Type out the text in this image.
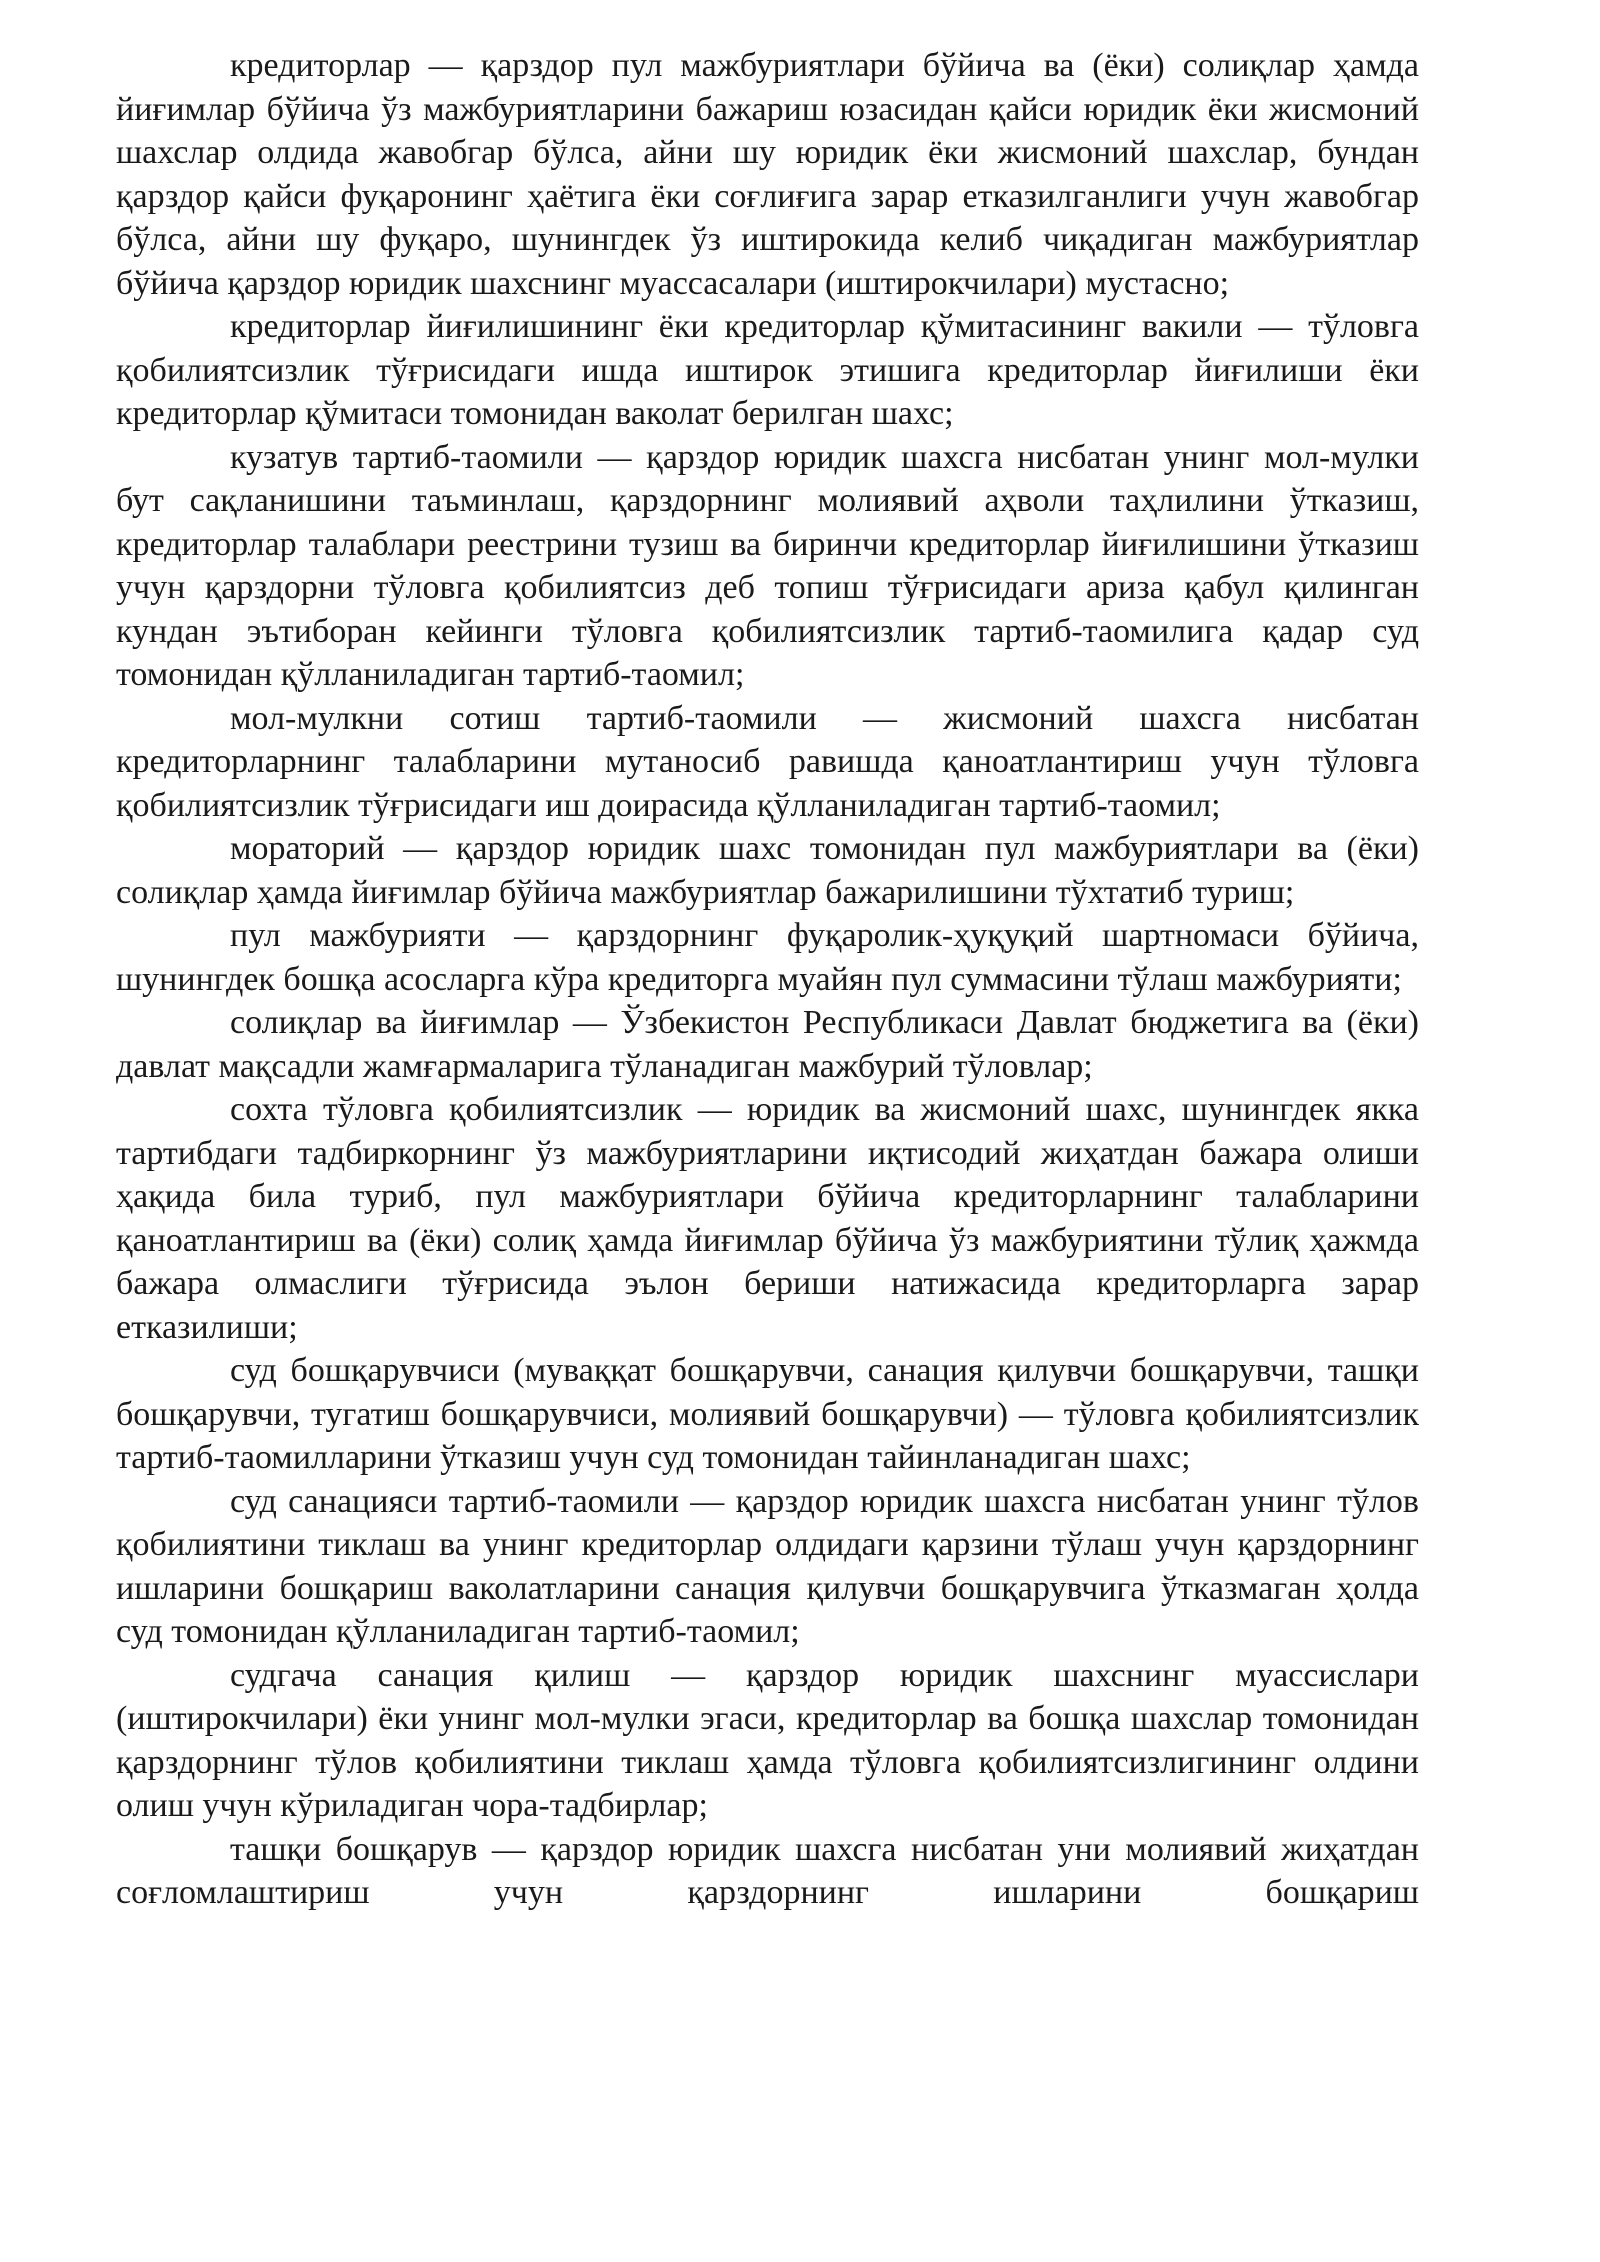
кредиторлар — қарздор пул мажбуриятлари бўйича ва (ёки) солиқлар ҳамда йиғимлар бўйича ўз мажбуриятларини бажариш юзасидан қайси юридик ёки жисмоний шахслар олдида жавобгар бўлса, айни шу юридик ёки жисмоний шахслар, бундан қарздор қайси фуқаронинг ҳаётига ёки соғлиғига зарар етказилганлиги учун жавобгар бўлса, айни шу фуқаро, шунингдек ўз иштирокида келиб чиқадиган мажбуриятлар бўйича қарздор юридик шахснинг муассасалари (иштирокчилари) мустасно;

кредиторлар йиғилишининг ёки кредиторлар қўмитасининг вакили — тўловга қобилиятсизлик тўғрисидаги ишда иштирок этишига кредиторлар йиғилиши ёки кредиторлар қўмитаси томонидан ваколат берилган шахс;

кузатув тартиб-таомили — қарздор юридик шахсга нисбатан унинг мол-мулки бут сақланишини таъминлаш, қарздорнинг молиявий аҳволи таҳлилини ўтказиш, кредиторлар талаблари реестрини тузиш ва биринчи кредиторлар йиғилишини ўтказиш учун қарздорни тўловга қобилиятсиз деб топиш тўғрисидаги ариза қабул қилинган кундан эътиборан кейинги тўловга қобилиятсизлик тартиб-таомилига қадар суд томонидан қўлланиладиган тартиб-таомил;

мол-мулкни сотиш тартиб-таомили — жисмоний шахсга нисбатан кредиторларнинг талабларини мутаносиб равишда қаноатлантириш учун тўловга қобилиятсизлик тўғрисидаги иш доирасида қўлланиладиган тартиб-таомил;

мораторий — қарздор юридик шахс томонидан пул мажбуриятлари ва (ёки) солиқлар ҳамда йиғимлар бўйича мажбуриятлар бажарилишини тўхтатиб туриш;

пул мажбурияти — қарздорнинг фуқаролик-ҳуқуқий шартномаси бўйича, шунингдек бошқа асосларга кўра кредиторга муайян пул суммасини тўлаш мажбурияти;

солиқлар ва йиғимлар — Ўзбекистон Республикаси Давлат бюджетига ва (ёки) давлат мақсадли жамғармаларига тўланадиган мажбурий тўловлар;

сохта тўловга қобилиятсизлик — юридик ва жисмоний шахс, шунингдек якка тартибдаги тадбиркорнинг ўз мажбуриятларини иқтисодий жиҳатдан бажара олиши ҳақида била туриб, пул мажбуриятлари бўйича кредиторларнинг талабларини қаноатлантириш ва (ёки) солиқ ҳамда йиғимлар бўйича ўз мажбуриятини тўлиқ ҳажмда бажара олмаслиги тўғрисида эълон бериши натижасида кредиторларга зарар етказилиши;

суд бошқарувчиси (муваққат бошқарувчи, санация қилувчи бошқарувчи, ташқи бошқарувчи, тугатиш бошқарувчиси, молиявий бошқарувчи) — тўловга қобилиятсизлик тартиб-таомилларини ўтказиш учун суд томонидан тайинланадиган шахс;

суд санацияси тартиб-таомили — қарздор юридик шахсга нисбатан унинг тўлов қобилиятини тиклаш ва унинг кредиторлар олдидаги қарзини тўлаш учун қарздорнинг ишларини бошқариш ваколатларини санация қилувчи бошқарувчига ўтказмаган ҳолда суд томонидан қўлланиладиган тартиб-таомил;

судгача санация қилиш — қарздор юридик шахснинг муассислари (иштирокчилари) ёки унинг мол-мулки эгаси, кредиторлар ва бошқа шахслар томонидан қарздорнинг тўлов қобилиятини тиклаш ҳамда тўловга қобилиятсизлигининг олдини олиш учун кўриладиган чора-тадбирлар;

ташқи бошқарув — қарздор юридик шахсга нисбатан уни молиявий жиҳатдан соғломлаштириш учун қарздорнинг ишларини бошқариш
